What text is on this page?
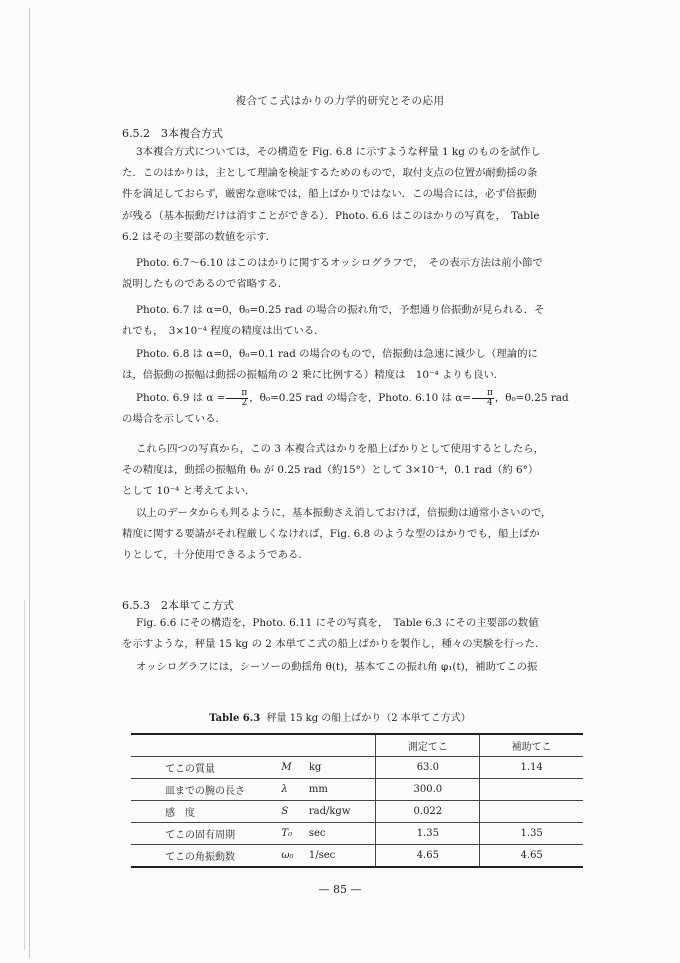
複合てこ式はかりの力学的研究とその応用
6.5.2　3本複合方式
3本複合方式については，その構造を Fig. 6.8 に示すような秤量 1 kg のものを試作し
た．このはかりは，主として理論を検証するためのもので，取付支点の位置が耐動揺の条
件を満足しておらず，厳密な意味では，船上ばかりではない．この場合には，必ず倍振動
が残る（基本振動だけは消すことができる）．Photo. 6.6 はこのはかりの写真を，　Table
6.2 はその主要部の数値を示す．
Photo. 6.7〜6.10 はこのはかりに関するオッシログラフで，　その表示方法は前小節で
説明したものであるので省略する．
Photo. 6.7 は α=0，θ₀=0.25 rad の場合の振れ角で，予想通り倍振動が見られる．そ
れでも，　3×10⁻⁴ 程度の精度は出ている．
Photo. 6.8 は α=0，θ₀=0.1 rad の場合のもので，倍振動は急速に減少し（理論的に
は，倍振動の振幅は動揺の振幅角の 2 乗に比例する）精度は　10⁻⁴ よりも良い．
Photo. 6.9 は $\alpha = \frac{\pi}{2}$ ，θ₀=0.25 rad の場合を，Photo. 6.10 は $\alpha= \frac{\pi}{4}$ ，θ₀=0.25 rad
の場合を示している．
これら四つの写真から，この 3 本複合式はかりを船上ばかりとして使用するとしたら，
その精度は，動揺の振幅角 θ₀ が 0.25 rad（約15°）として 3×10⁻⁴，0.1 rad（約 6°）
として 10⁻⁴ と考えてよい．
以上のデータからも判るように，基本振動さえ消しておけば，倍振動は通常小さいので，
精度に関する要請がそれ程厳しくなければ，Fig. 6.8 のような型のはかりでも，船上ばか
りとして，十分使用できるようである．
6.5.3　2本単てこ方式
Fig. 6.6 にその構造を，Photo. 6.11 にその写真を，　Table 6.3 にその主要部の数値
を示すような，秤量 15 kg の 2 本単てこ式の船上ばかりを製作し，種々の実験を行った．
オッシログラフには，シーソーの動揺角 θ(t)，基本てこの振れ角 φ₁(t)，補助てこの振
Table 6.3 秤量 15 kg の船上ばかり（2 本単てこ方式）
			測定てこ	補助てこ
てこの質量	M	kg	63.0	1.14
皿までの腕の長さ	λ	mm	300.0	
感　度	S	rad/kgw	0.022	
てこの固有周期	T₀	sec	1.35	1.35
てこの角振動数	ω₀	1/sec	4.65	4.65
— 85 —
